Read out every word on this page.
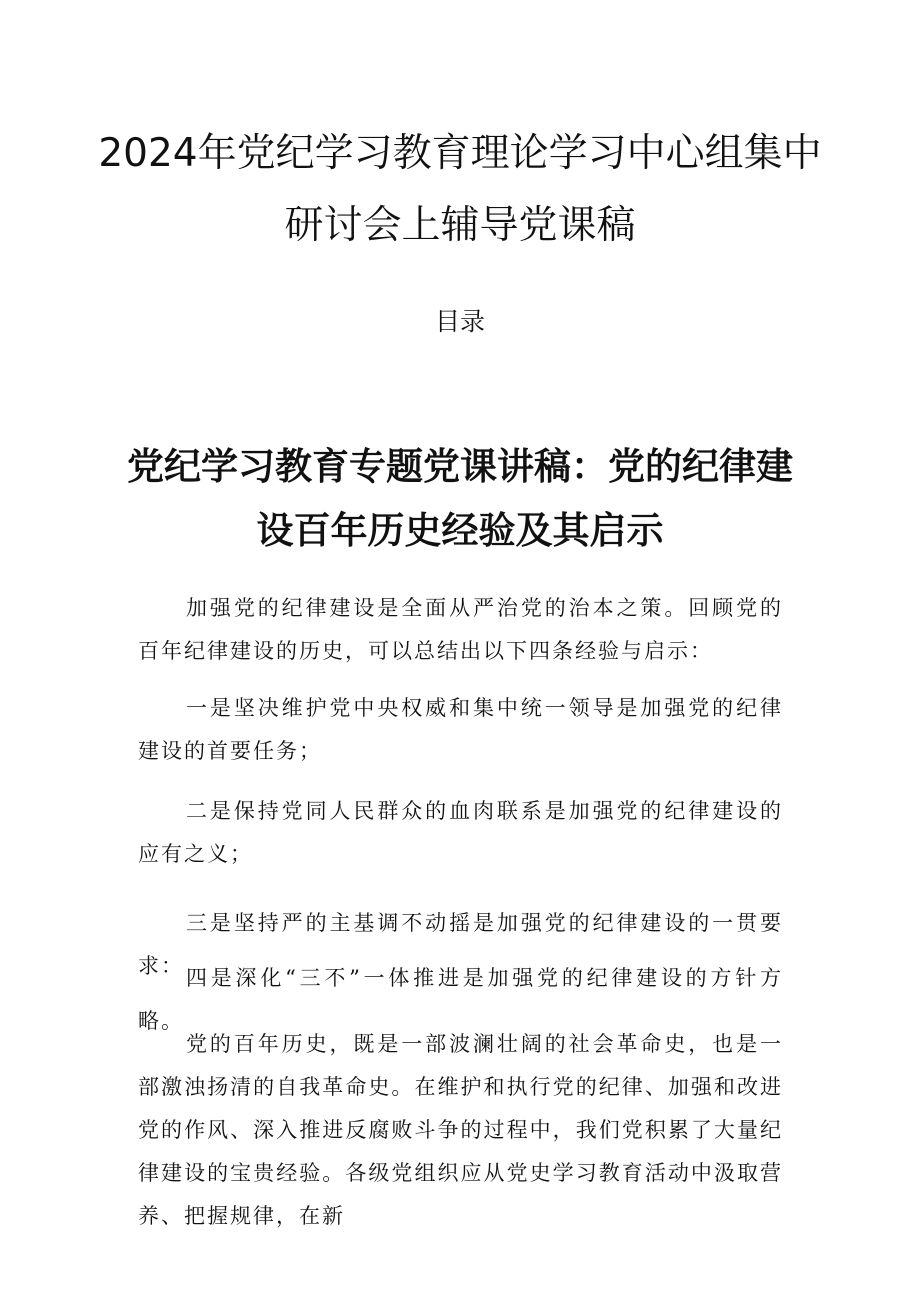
2024年党纪学习教育理论学习中心组集中
研讨会上辅导党课稿
目录
党纪学习教育专题党课讲稿：党的纪律建
设百年历史经验及其启示

加强党的纪律建设是全面从严治党的治本之策。回顾党的百年纪律建设的历史，可以总结出以下四条经验与启示：

一是坚决维护党中央权威和集中统一领导是加强党的纪律建设的首要任务；

二是保持党同人民群众的血肉联系是加强党的纪律建设的应有之义；

三是坚持严的主基调不动摇是加强党的纪律建设的一贯要求： 四是深化“三不”一体推进是加强党的纪律建设的方针方略。

党的百年历史，既是一部波澜壮阔的社会革命史，也是一部激浊扬清的自我革命史。在维护和执行党的纪律、加强和改进党的作风、深入推进反腐败斗争的过程中，我们党积累了大量纪律建设的宝贵经验。各级党组织应从党史学习教育活动中汲取营养、把握规律，在新
